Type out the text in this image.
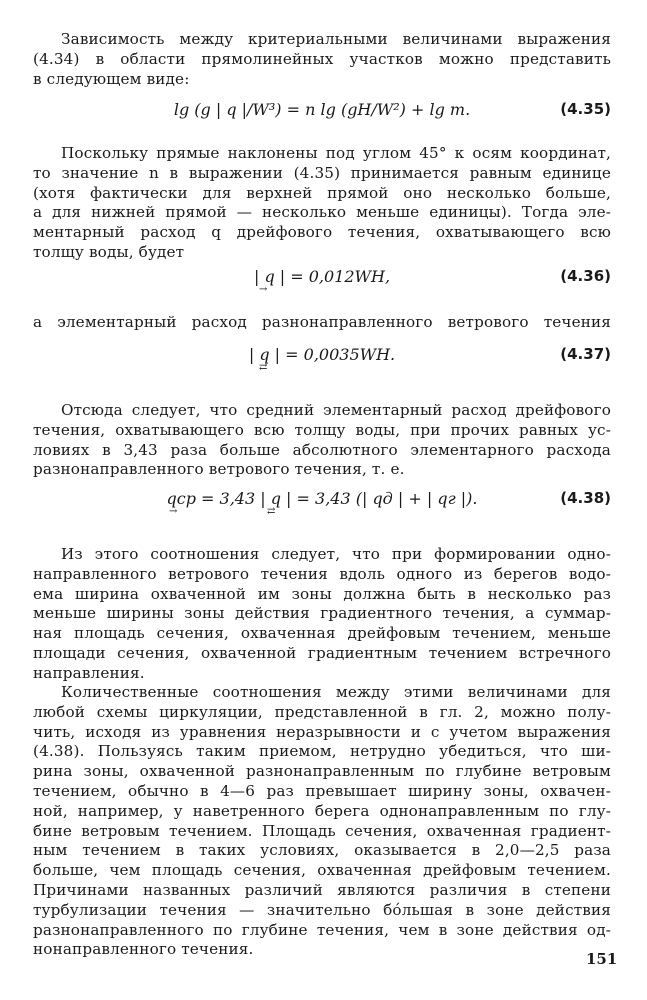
Зависимость между критериальными величинами выражения
(4.34) в области прямолинейных участков можно представить
в следующем виде:
lg (g | q |/W³) = n lg (gH/W²) + lg m.	(4.35)
Поскольку прямые наклонены под углом 45° к осям координат,
то значение n в выражении (4.35) принимается равным единице
(хотя фактически для верхней прямой оно несколько больше,
а для нижней прямой — несколько меньше единицы). Тогда эле-
ментарный расход q дрейфового течения, охватывающего всю
толщу воды, будет
| q | = 0,012WH,
→
(4.36)
а элементарный расход разнонаправленного ветрового течения
| q | = 0,0035WH.
⇄
(4.37)
Отсюда следует, что средний элементарный расход дрейфового
течения, охватывающего всю толщу воды, при прочих равных ус-
ловиях в 3,43 раза больше абсолютного элементарного расхода
разнонаправленного ветрового течения, т. е.
qср = 3,43 | q | = 3,43 (| qд | + | qг |).
→	⇄
(4.38)
Из этого соотношения следует, что при формировании одно-
направленного ветрового течения вдоль одного из берегов водо-
ема ширина охваченной им зоны должна быть в несколько раз
меньше ширины зоны действия градиентного течения, а суммар-
ная площадь сечения, охваченная дрейфовым течением, меньше
площади сечения, охваченной градиентным течением встречного
направления.
Количественные соотношения между этими величинами для
любой схемы циркуляции, представленной в гл. 2, можно полу-
чить, исходя из уравнения неразрывности и с учетом выражения
(4.38). Пользуясь таким приемом, нетрудно убедиться, что ши-
рина зоны, охваченной разнонаправленным по глубине ветровым
течением, обычно в 4—6 раз превышает ширину зоны, охвачен-
ной, например, у наветренного берега однонаправленным по глу-
бине ветровым течением. Площадь сечения, охваченная градиент-
ным течением в таких условиях, оказывается в 2,0—2,5 раза
больше, чем площадь сечения, охваченная дрейфовым течением.
Причинами названных различий являются различия в степени
турбулизации течения — значительно бóльшая в зоне действия
разнонаправленного по глубине течения, чем в зоне действия од-
нонаправленного течения.
151
